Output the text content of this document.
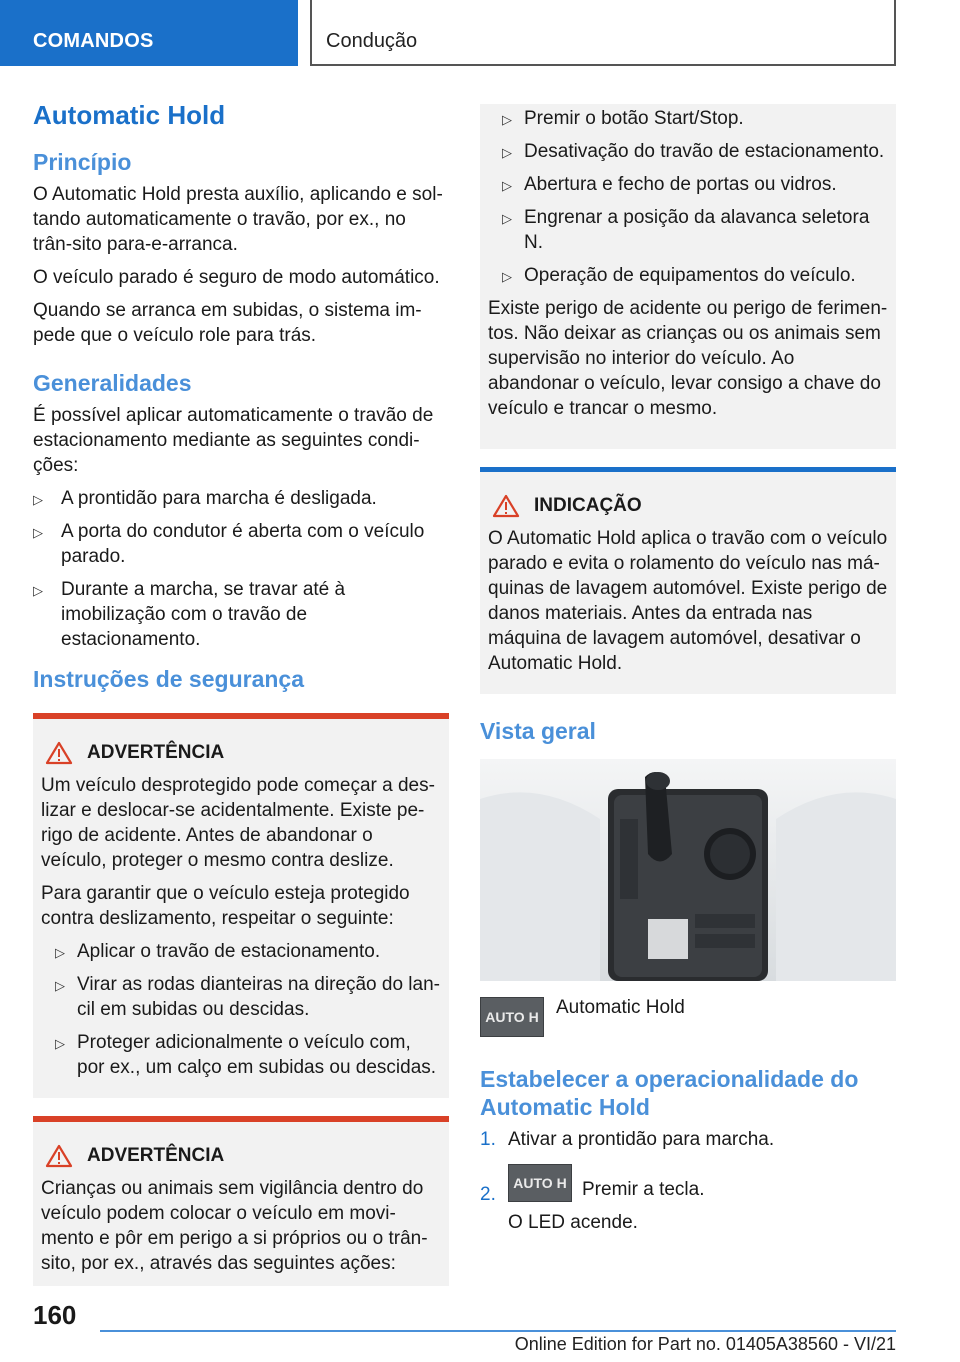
COMANDOS	Condução
Automatic Hold
Princípio

O Automatic Hold presta auxílio, aplicando e sol-tando automaticamente o travão, por ex., no trân-sito para-e-arranca.

O veículo parado é seguro de modo automático.

Quando se arranca em subidas, o sistema im-pede que o veículo role para trás.

Generalidades

É possível aplicar automaticamente o travão de estacionamento mediante as seguintes condi-ções:

▷ A prontidão para marcha é desligada.
▷ A porta do condutor é aberta com o veículo parado.
▷ Durante a marcha, se travar até à imobilização com o travão de estacionamento.
Instruções de segurança
ADVERTÊNCIA

Um veículo desprotegido pode começar a des-lizar e deslocar-se acidentalmente. Existe pe-rigo de acidente. Antes de abandonar o veículo, proteger o mesmo contra deslize.

Para garantir que o veículo esteja protegido contra deslizamento, respeitar o seguinte:

▷ Aplicar o travão de estacionamento.
▷ Virar as rodas dianteiras na direção do lan-cil em subidas ou descidas.
▷ Proteger adicionalmente o veículo com, por ex., um calço em subidas ou descidas.
ADVERTÊNCIA

Crianças ou animais sem vigilância dentro do veículo podem colocar o veículo em movi-mento e pôr em perigo a si próprios ou o trân-sito, por ex., através das seguintes ações:

▷ Premir o botão Start/Stop.
▷ Desativação do travão de estacionamento.
▷ Abertura e fecho de portas ou vidros.
▷ Engrenar a posição da alavanca seletora N.
▷ Operação de equipamentos do veículo.

Existe perigo de acidente ou perigo de ferimen-tos. Não deixar as crianças ou os animais sem supervisão no interior do veículo. Ao abandonar o veículo, levar consigo a chave do veículo e trancar o mesmo.

INDICAÇÃO

O Automatic Hold aplica o travão com o veículo parado e evita o rolamento do veículo nas má-quinas de lavagem automóvel. Existe perigo de danos materiais. Antes da entrada nas máquina de lavagem automóvel, desativar o Automatic Hold.

Vista geral
AUTO H Automatic Hold
Estabelecer a operacionalidade do Automatic Hold
1. Ativar a prontidão para marcha.
2.
AUTO H Premir a tecla.
O LED acende.
160
Online Edition for Part no. 01405A38560 - VI/21
